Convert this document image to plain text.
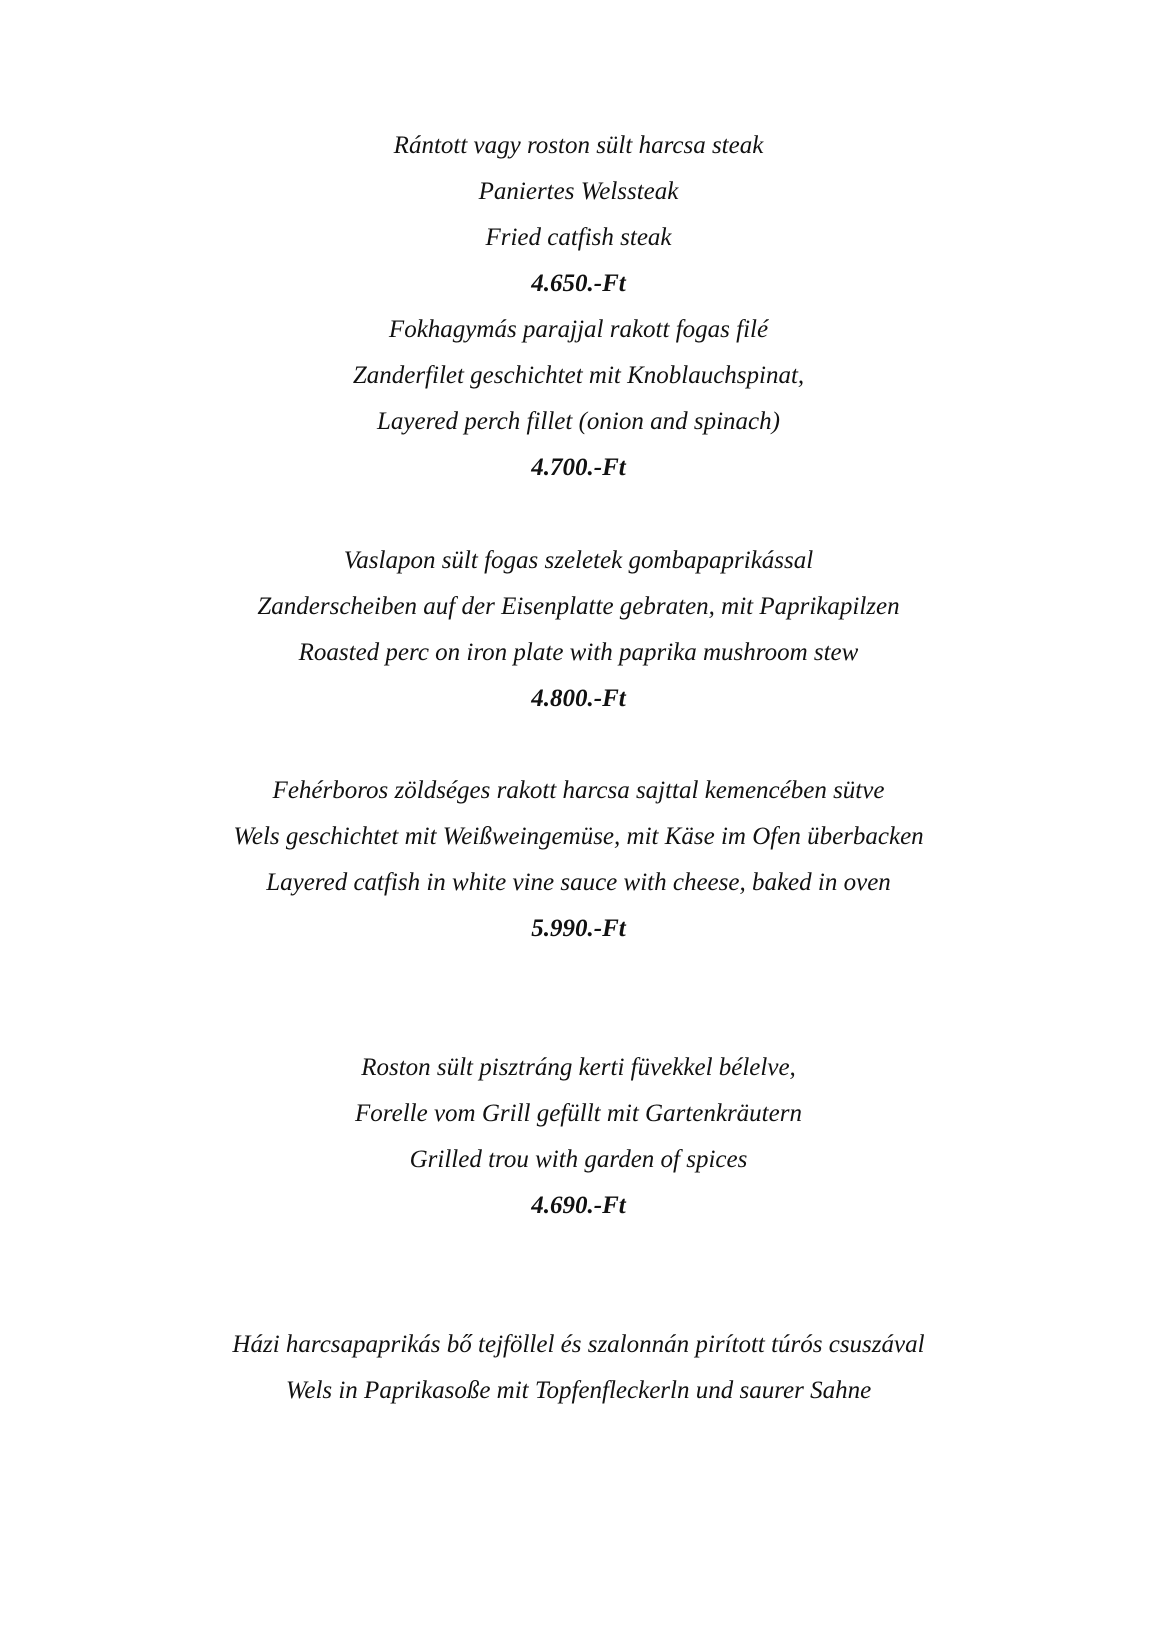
Rántott vagy roston sült harcsa steak
Paniertes Welssteak
Fried catfish steak
4.650.-Ft
Fokhagymás parajjal rakott fogas filé
Zanderfilet geschichtet mit Knoblauchspinat,
Layered perch fillet (onion and spinach)
4.700.-Ft
Vaslapon sült fogas szeletek gombapaprikással
Zanderscheiben auf der Eisenplatte gebraten, mit Paprikapilzen
Roasted perc on iron plate with paprika mushroom stew
4.800.-Ft
Fehérboros zöldséges rakott harcsa sajttal kemencében sütve
Wels geschichtet mit Weißweingemüse, mit Käse im Ofen überbacken
Layered catfish in white vine sauce with cheese, baked in oven
5.990.-Ft
Roston sült pisztráng kerti füvekkel bélelve,
Forelle vom Grill gefüllt mit Gartenkräutern
Grilled trou with garden of spices
4.690.-Ft
Házi harcsapaprikás bő tejföllel és szalonnán pirított túrós csuszával
Wels in Paprikasoße mit Topfenfleckerln und saurer Sahne
